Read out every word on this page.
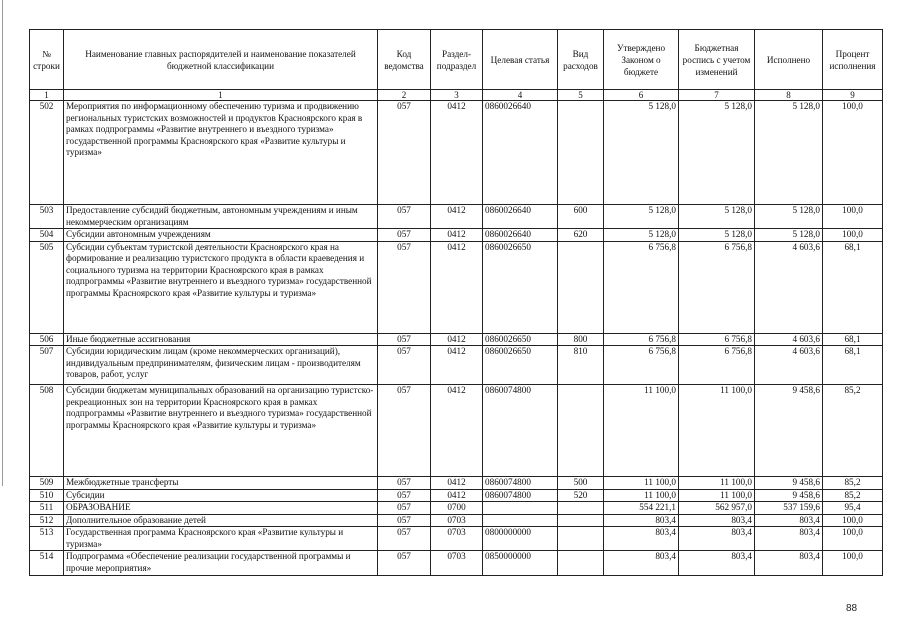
№ строки	Наименование главных распорядителей и наименование показателей бюджетной классификации	Код ведомства	Раздел-подраздел	Целевая статья	Вид расходов	Утверждено Законом о бюджете	Бюджетная роспись с учетом изменений	Исполнено	Процент исполнения
1	1	2	3	4	5	6	7	8	9
502	Мероприятия по информационному обеспечению туризма и продвижению региональных туристских возможностей и продуктов Красноярского края в рамках подпрограммы «Развитие внутреннего и въездного туризма» государственной программы Красноярского края «Развитие культуры и туризма»	057	0412	0860026640		5 128,0	5 128,0	5 128,0	100,0
503	Предоставление субсидий бюджетным, автономным учреждениям и иным некоммерческим организациям	057	0412	0860026640	600	5 128,0	5 128,0	5 128,0	100,0
504	Субсидии автономным учреждениям	057	0412	0860026640	620	5 128,0	5 128,0	5 128,0	100,0
505	Субсидии субъектам туристской деятельности Красноярского края на формирование и реализацию туристского продукта в области краеведения и социального туризма на территории Красноярского края в рамках подпрограммы «Развитие внутреннего и въездного туризма» государственной программы Красноярского края «Развитие культуры и туризма»	057	0412	0860026650		6 756,8	6 756,8	4 603,6	68,1
506	Иные бюджетные ассигнования	057	0412	0860026650	800	6 756,8	6 756,8	4 603,6	68,1
507	Субсидии юридическим лицам (кроме некоммерческих организаций), индивидуальным предпринимателям, физическим лицам - производителям товаров, работ, услуг	057	0412	0860026650	810	6 756,8	6 756,8	4 603,6	68,1
508	Субсидии бюджетам муниципальных образований на организацию туристско-рекреационных зон на территории Красноярского края в рамках подпрограммы «Развитие внутреннего и въездного туризма» государственной программы Красноярского края «Развитие культуры и туризма»	057	0412	0860074800		11 100,0	11 100,0	9 458,6	85,2
509	Межбюджетные трансферты	057	0412	0860074800	500	11 100,0	11 100,0	9 458,6	85,2
510	Субсидии	057	0412	0860074800	520	11 100,0	11 100,0	9 458,6	85,2
511	ОБРАЗОВАНИЕ	057	0700			554 221,1	562 957,0	537 159,6	95,4
512	Дополнительное образование детей	057	0703			803,4	803,4	803,4	100,0
513	Государственная программа Красноярского края «Развитие культуры и туризма»	057	0703	0800000000		803,4	803,4	803,4	100,0
514	Подпрограмма «Обеспечение реализации государственной программы и прочие мероприятия»	057	0703	0850000000		803,4	803,4	803,4	100,0
88
